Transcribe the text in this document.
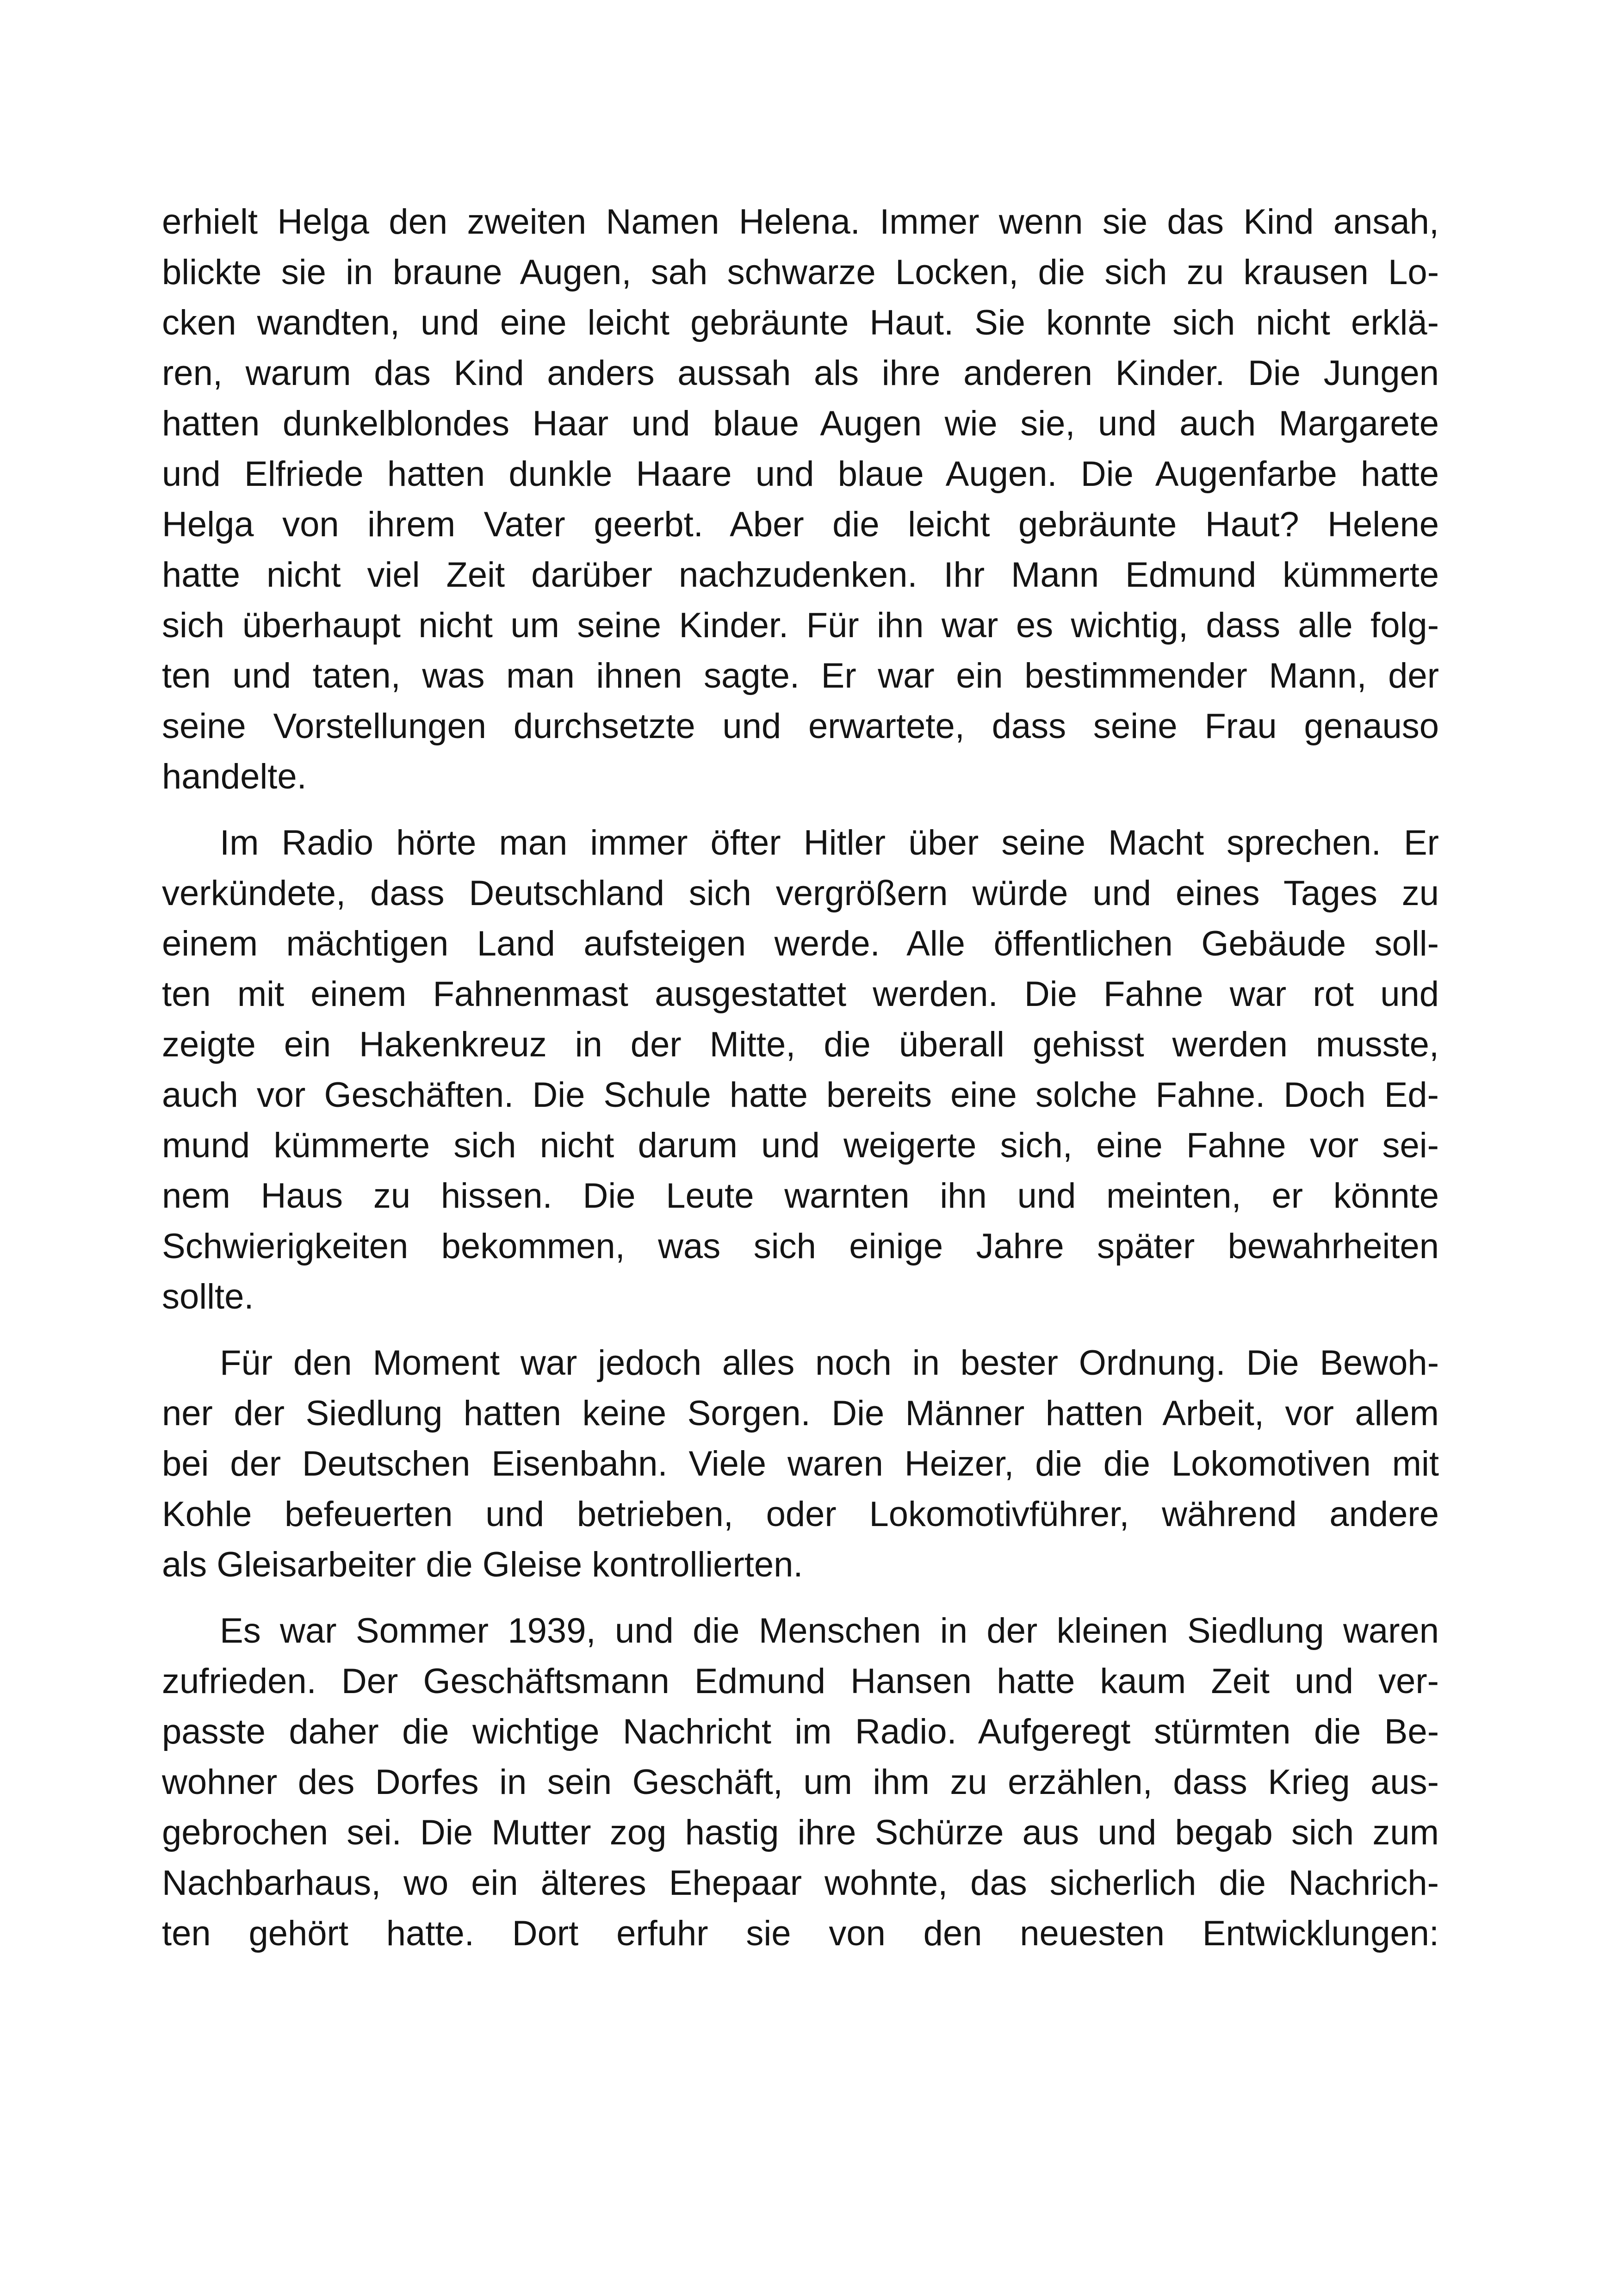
erhielt Helga den zweiten Namen Helena. Immer wenn sie das Kind ansah,
blickte sie in braune Augen, sah schwarze Locken, die sich zu krausen Lo-
cken wandten, und eine leicht gebräunte Haut. Sie konnte sich nicht erklä-
ren, warum das Kind anders aussah als ihre anderen Kinder. Die Jungen
hatten dunkelblondes Haar und blaue Augen wie sie, und auch Margarete
und Elfriede hatten dunkle Haare und blaue Augen. Die Augenfarbe hatte
Helga von ihrem Vater geerbt. Aber die leicht gebräunte Haut? Helene
hatte nicht viel Zeit darüber nachzudenken. Ihr Mann Edmund kümmerte
sich überhaupt nicht um seine Kinder. Für ihn war es wichtig, dass alle folg-
ten und taten, was man ihnen sagte. Er war ein bestimmender Mann, der
seine Vorstellungen durchsetzte und erwartete, dass seine Frau genauso
handelte.
Im Radio hörte man immer öfter Hitler über seine Macht sprechen. Er
verkündete, dass Deutschland sich vergrößern würde und eines Tages zu
einem mächtigen Land aufsteigen werde. Alle öffentlichen Gebäude soll-
ten mit einem Fahnenmast ausgestattet werden. Die Fahne war rot und
zeigte ein Hakenkreuz in der Mitte, die überall gehisst werden musste,
auch vor Geschäften. Die Schule hatte bereits eine solche Fahne. Doch Ed-
mund kümmerte sich nicht darum und weigerte sich, eine Fahne vor sei-
nem Haus zu hissen. Die Leute warnten ihn und meinten, er könnte
Schwierigkeiten bekommen, was sich einige Jahre später bewahrheiten
sollte.
Für den Moment war jedoch alles noch in bester Ordnung. Die Bewoh-
ner der Siedlung hatten keine Sorgen. Die Männer hatten Arbeit, vor allem
bei der Deutschen Eisenbahn. Viele waren Heizer, die die Lokomotiven mit
Kohle befeuerten und betrieben, oder Lokomotivführer, während andere
als Gleisarbeiter die Gleise kontrollierten.
Es war Sommer 1939, und die Menschen in der kleinen Siedlung waren
zufrieden. Der Geschäftsmann Edmund Hansen hatte kaum Zeit und ver-
passte daher die wichtige Nachricht im Radio. Aufgeregt stürmten die Be-
wohner des Dorfes in sein Geschäft, um ihm zu erzählen, dass Krieg aus-
gebrochen sei. Die Mutter zog hastig ihre Schürze aus und begab sich zum
Nachbarhaus, wo ein älteres Ehepaar wohnte, das sicherlich die Nachrich-
ten gehört hatte. Dort erfuhr sie von den neuesten Entwicklungen:
